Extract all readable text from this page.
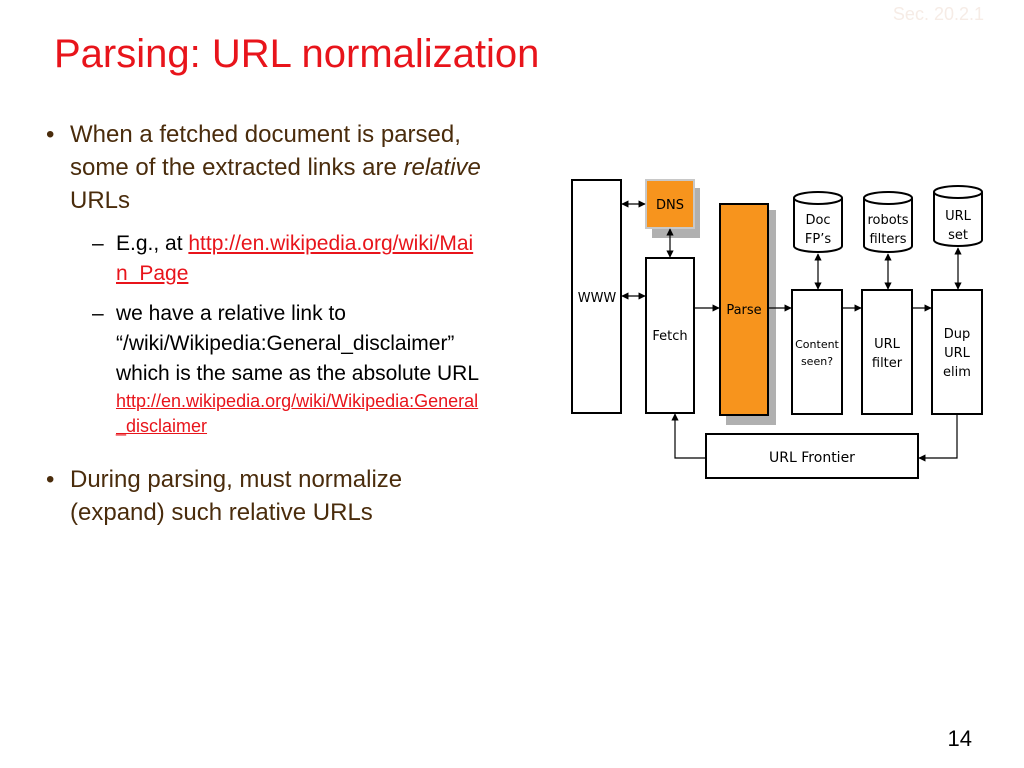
Sec. 20.2.1
Parsing: URL normalization
• When a fetched document is parsed, some of the extracted links are relative URLs
– E.g., at http://en.wikipedia.org/wiki/Main_Page
– we have a relative link to “/wiki/Wikipedia:General_disclaimer” which is the same as the absolute URL http://en.wikipedia.org/wiki/Wikipedia:General_disclaimer
• During parsing, must normalize (expand) such relative URLs
WWW
DNS
Fetch
Parse
Content
seen?
URL
filter
Dup
URL
elim
Doc
FP’s
robots
filters
URL
set
URL Frontier
14
